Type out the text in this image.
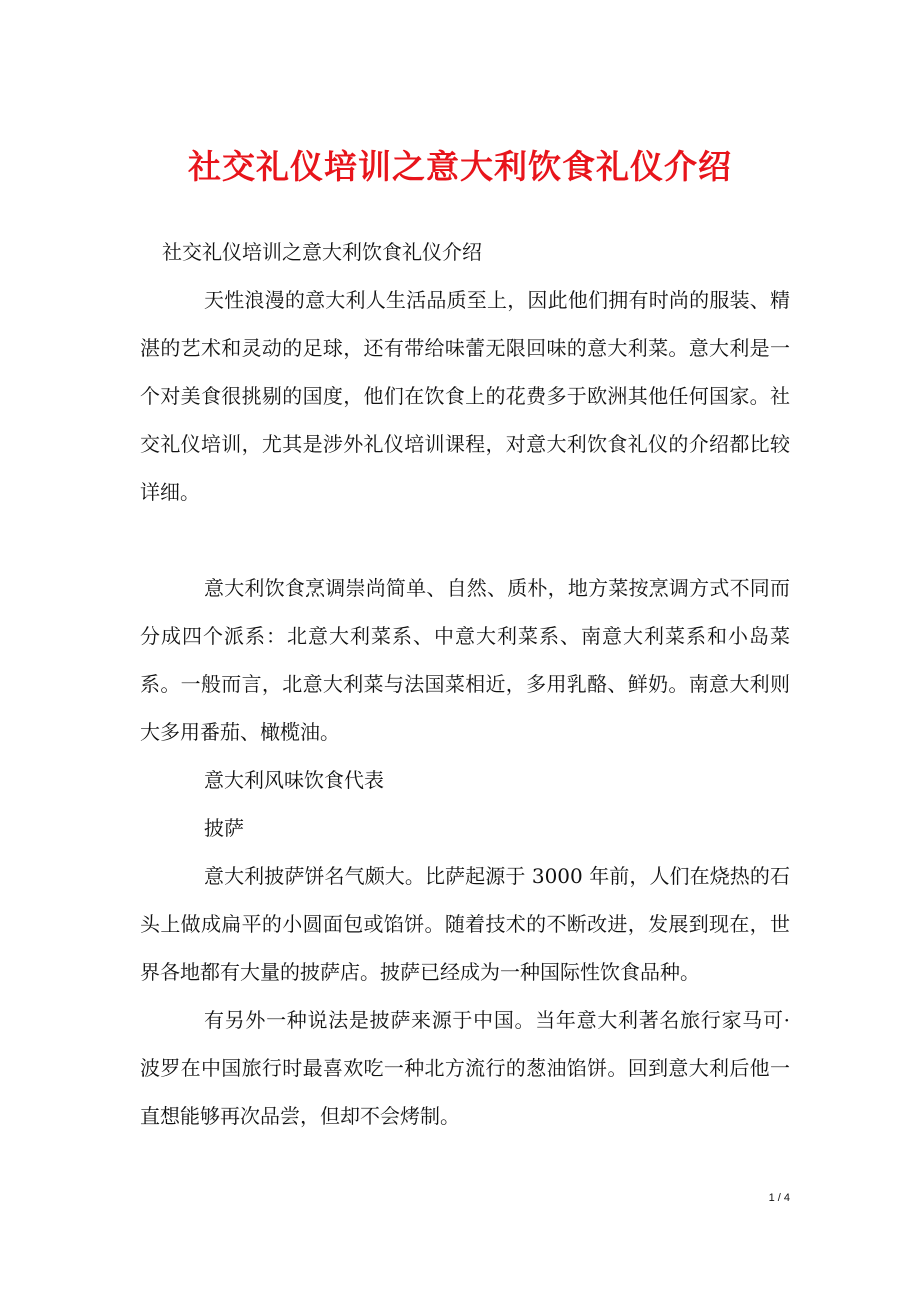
社交礼仪培训之意大利饮食礼仪介绍

社交礼仪培训之意大利饮食礼仪介绍

天性浪漫的意大利人生活品质至上，因此他们拥有时尚的服装、精湛的艺术和灵动的足球，还有带给味蕾无限回味的意大利菜。意大利是一个对美食很挑剔的国度，他们在饮食上的花费多于欧洲其他任何国家。社交礼仪培训，尤其是涉外礼仪培训课程，对意大利饮食礼仪的介绍都比较详细。

意大利饮食烹调崇尚简单、自然、质朴，地方菜按烹调方式不同而分成四个派系：北意大利菜系、中意大利菜系、南意大利菜系和小岛菜系。一般而言，北意大利菜与法国菜相近，多用乳酪、鲜奶。南意大利则大多用番茄、橄榄油。

意大利风味饮食代表

披萨

意大利披萨饼名气颇大。比萨起源于 3000 年前，人们在烧热的石头上做成扁平的小圆面包或馅饼。随着技术的不断改进，发展到现在，世界各地都有大量的披萨店。披萨已经成为一种国际性饮食品种。

有另外一种说法是披萨来源于中国。当年意大利著名旅行家马可·波罗在中国旅行时最喜欢吃一种北方流行的葱油馅饼。回到意大利后他一直想能够再次品尝，但却不会烤制。

1 / 4
